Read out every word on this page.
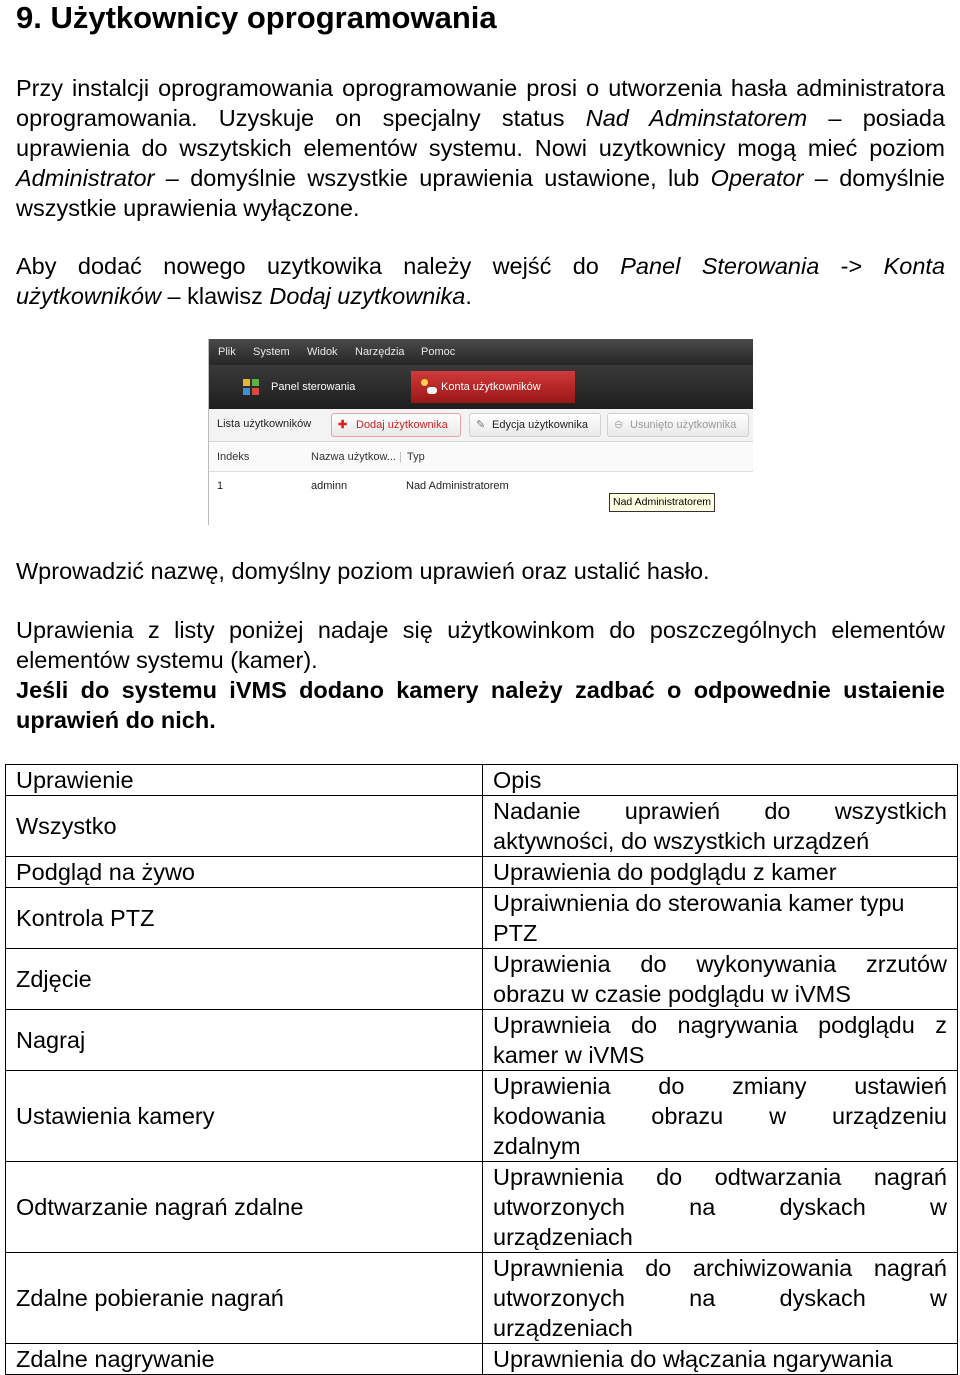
9. Użytkownicy oprogramowania

Przy instalcji oprogramowania oprogramowanie prosi o utworzenia hasła administratora oprogramowania. Uzyskuje on specjalny status Nad Adminstatorem – posiada uprawienia do wszytskich elementów systemu. Nowi uzytkownicy mogą mieć poziom Administrator – domyślnie wszystkie uprawienia ustawione, lub Operator – domyślnie wszystkie uprawienia wyłączone.

Aby dodać nowego uzytkowika należy wejść do Panel Sterowania -> Konta użytkowników – klawisz Dodaj uzytkownika.

Plik System Widok Narzędzia Pomoc
Panel sterowania	Konta użytkowników
Lista użytkowników ✚ Dodaj użytkownika	✎ Edycja użytkownika ⊖ Usunięto użytkownika
Indeks	Nazwa użytkow... | Typ
1	adminn	Nad Administratorem
Nad Administratorem

Wprowadzić nazwę, domyślny poziom uprawień oraz ustalić hasło.

Uprawienia z listy poniżej nadaje się użytkowinkom do poszczególnych elementów elementów systemu (kamer).

Jeśli do systemu iVMS dodano kamery należy zadbać o odpowednie ustaienie uprawień do nich.

Uprawienie	Opis
Wszystko	Nadanie uprawień do wszystkich
aktywności, do wszystkich urządzeń

Podgląd na żywo	Uprawienia do podglądu z kamer

Kontrola PTZ	Upraiwnienia do sterowania kamer typu
PTZ

Zdjęcie	Uprawienia do wykonywania zrzutów
obrazu w czasie podglądu w iVMS

Nagraj	Uprawnieia do nagrywania podglądu z
kamer w iVMS

Ustawienia kamery	Uprawienia do zmiany ustawień
kodowania obrazu w urządzeniu
zdalnym

Odtwarzanie nagrań zdalne	Uprawnienia do odtwarzania nagrań
utworzonych na dyskach w
urządzeniach

Zdalne pobieranie nagrań	Uprawnienia do archiwizowania nagrań
utworzonych na dyskach w
urządzeniach

Zdalne nagrywanie	Uprawnienia do włączania ngarywania
